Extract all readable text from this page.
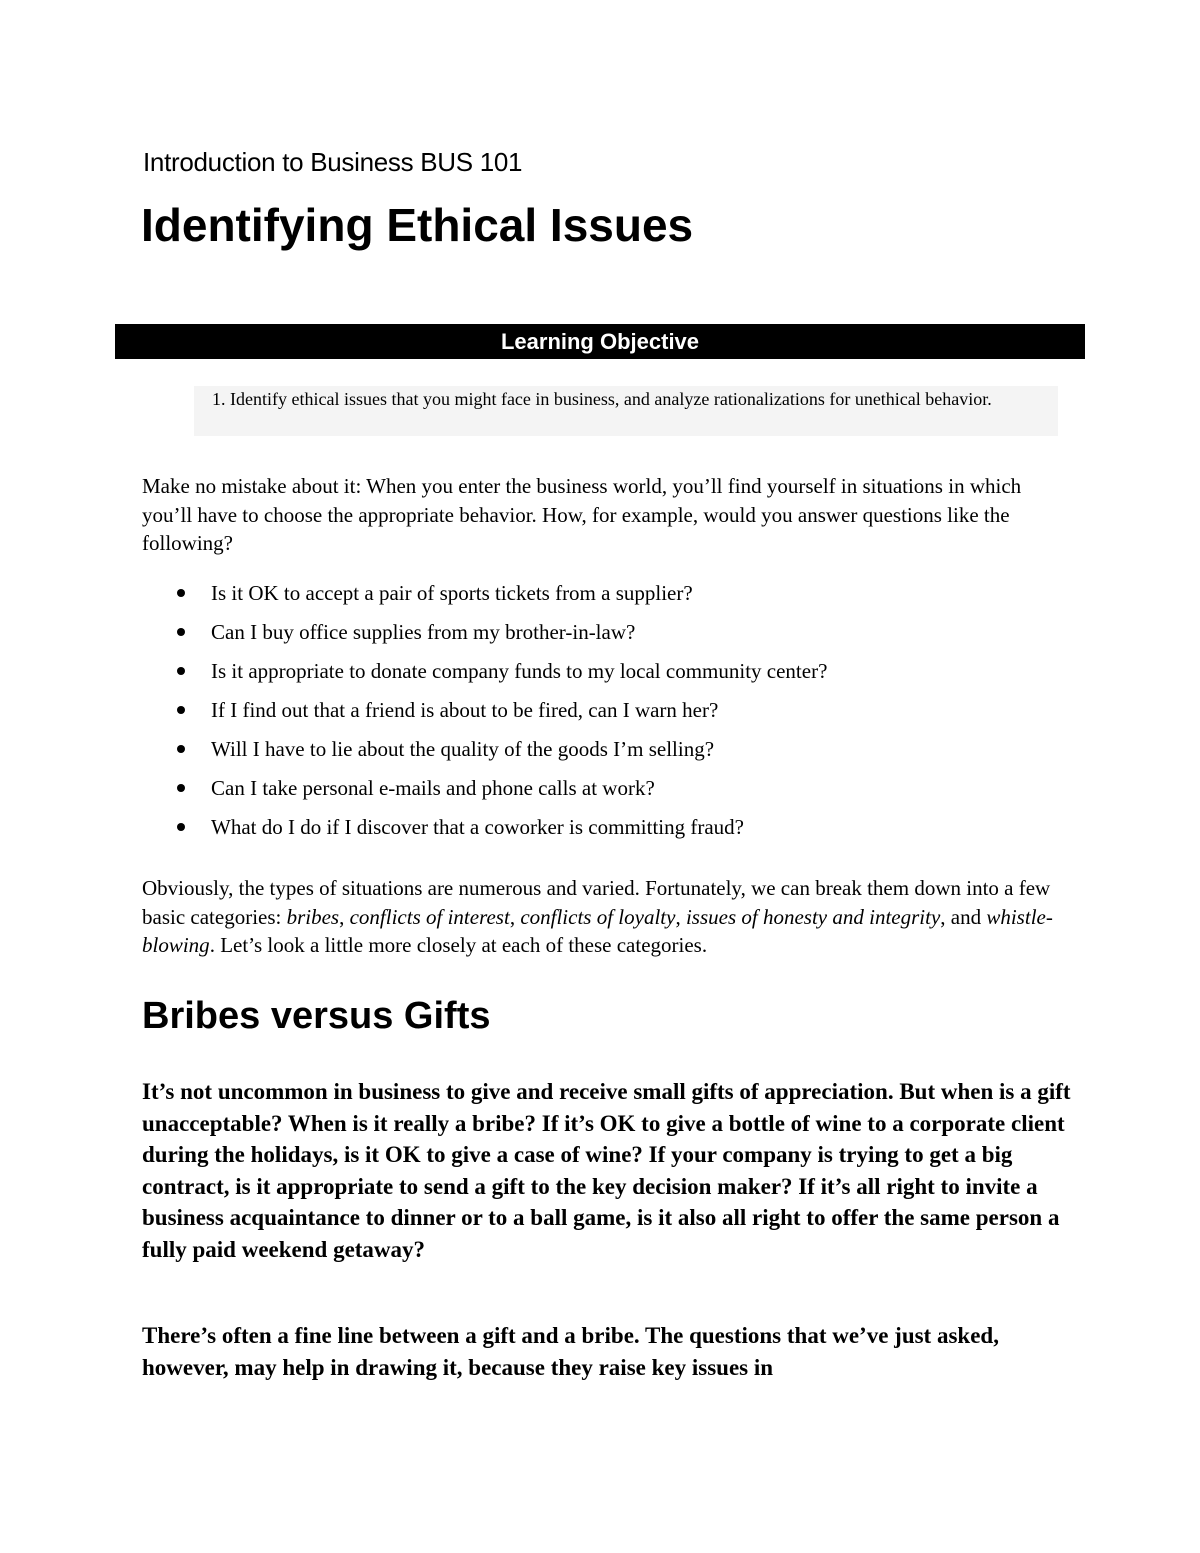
Introduction to Business BUS 101
Identifying Ethical Issues
Learning Objective
1. Identify ethical issues that you might face in business, and analyze rationalizations for unethical behavior.

Make no mistake about it: When you enter the business world, you’ll find yourself in situations in which you’ll have to choose the appropriate behavior. How, for example, would you answer questions like the following?

Is it OK to accept a pair of sports tickets from a supplier?
Can I buy office supplies from my brother-in-law?
Is it appropriate to donate company funds to my local community center?
If I find out that a friend is about to be fired, can I warn her?
Will I have to lie about the quality of the goods I’m selling?
Can I take personal e-mails and phone calls at work?
What do I do if I discover that a coworker is committing fraud?

Obviously, the types of situations are numerous and varied. Fortunately, we can break them down into a few basic categories: bribes, conflicts of interest, conflicts of loyalty, issues of honesty and integrity, and whistle-blowing. Let’s look a little more closely at each of these categories.

Bribes versus Gifts

It’s not uncommon in business to give and receive small gifts of appreciation. But when is a gift unacceptable? When is it really a bribe? If it’s OK to give a bottle of wine to a corporate client during the holidays, is it OK to give a case of wine? If your company is trying to get a big contract, is it appropriate to send a gift to the key decision maker? If it’s all right to invite a business acquaintance to dinner or to a ball game, is it also all right to offer the same person a fully paid weekend getaway?

There’s often a fine line between a gift and a bribe. The questions that we’ve just asked, however, may help in drawing it, because they raise key issues in
